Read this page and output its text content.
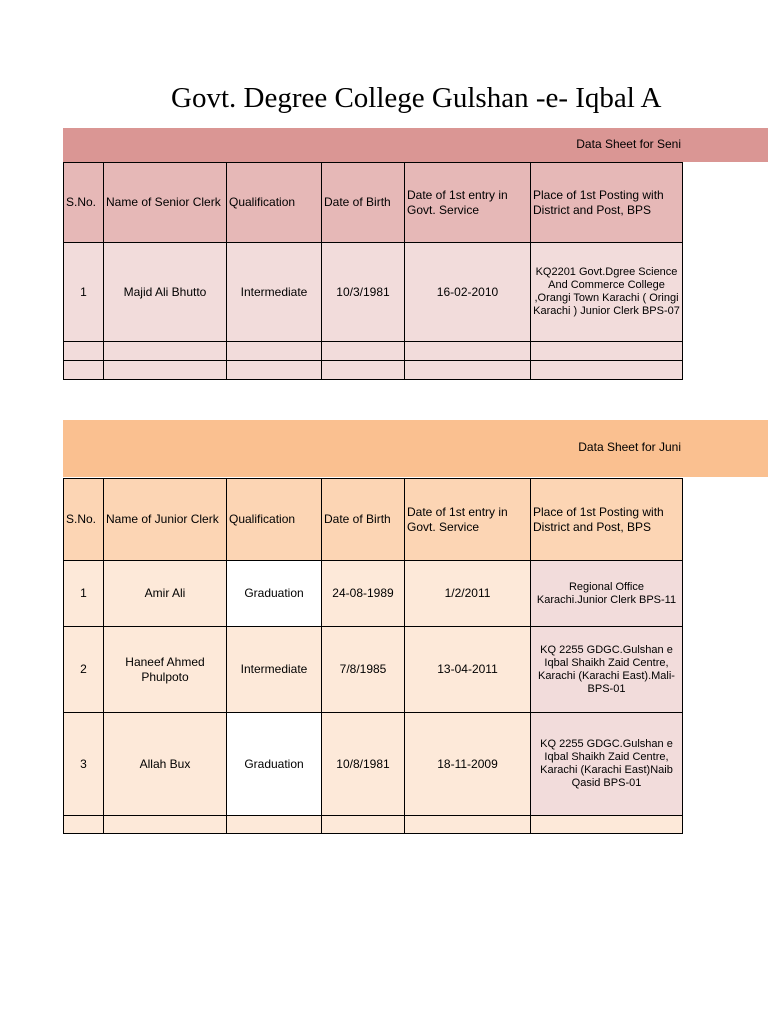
Govt. Degree College Gulshan -e- Iqbal A
Data Sheet for Seni
S.No.	Name of Senior Clerk	Qualification	Date of Birth	Date of 1st entry in Govt. Service	Place of 1st Posting with District and Post, BPS
1	Majid Ali Bhutto	Intermediate	10/3/1981	16-02-2010	KQ2201 Govt.Dgree Science And Commerce College ,Orangi Town Karachi ( Oringi Karachi ) Junior Clerk BPS-07

Data Sheet for Juni
S.No.	Name of Junior Clerk	Qualification	Date of Birth	Date of 1st entry in Govt. Service	Place of 1st Posting with District and Post, BPS
1	Amir Ali	Graduation	24-08-1989	1/2/2011	Regional Office Karachi.Junior Clerk BPS-11
2	Haneef Ahmed Phulpoto	Intermediate	7/8/1985	13-04-2011	KQ 2255 GDGC.Gulshan e Iqbal Shaikh Zaid Centre, Karachi (Karachi East).Mali-BPS-01
3	Allah Bux	Graduation	10/8/1981	18-11-2009	KQ 2255 GDGC.Gulshan e Iqbal Shaikh Zaid Centre, Karachi (Karachi East)Naib Qasid BPS-01
